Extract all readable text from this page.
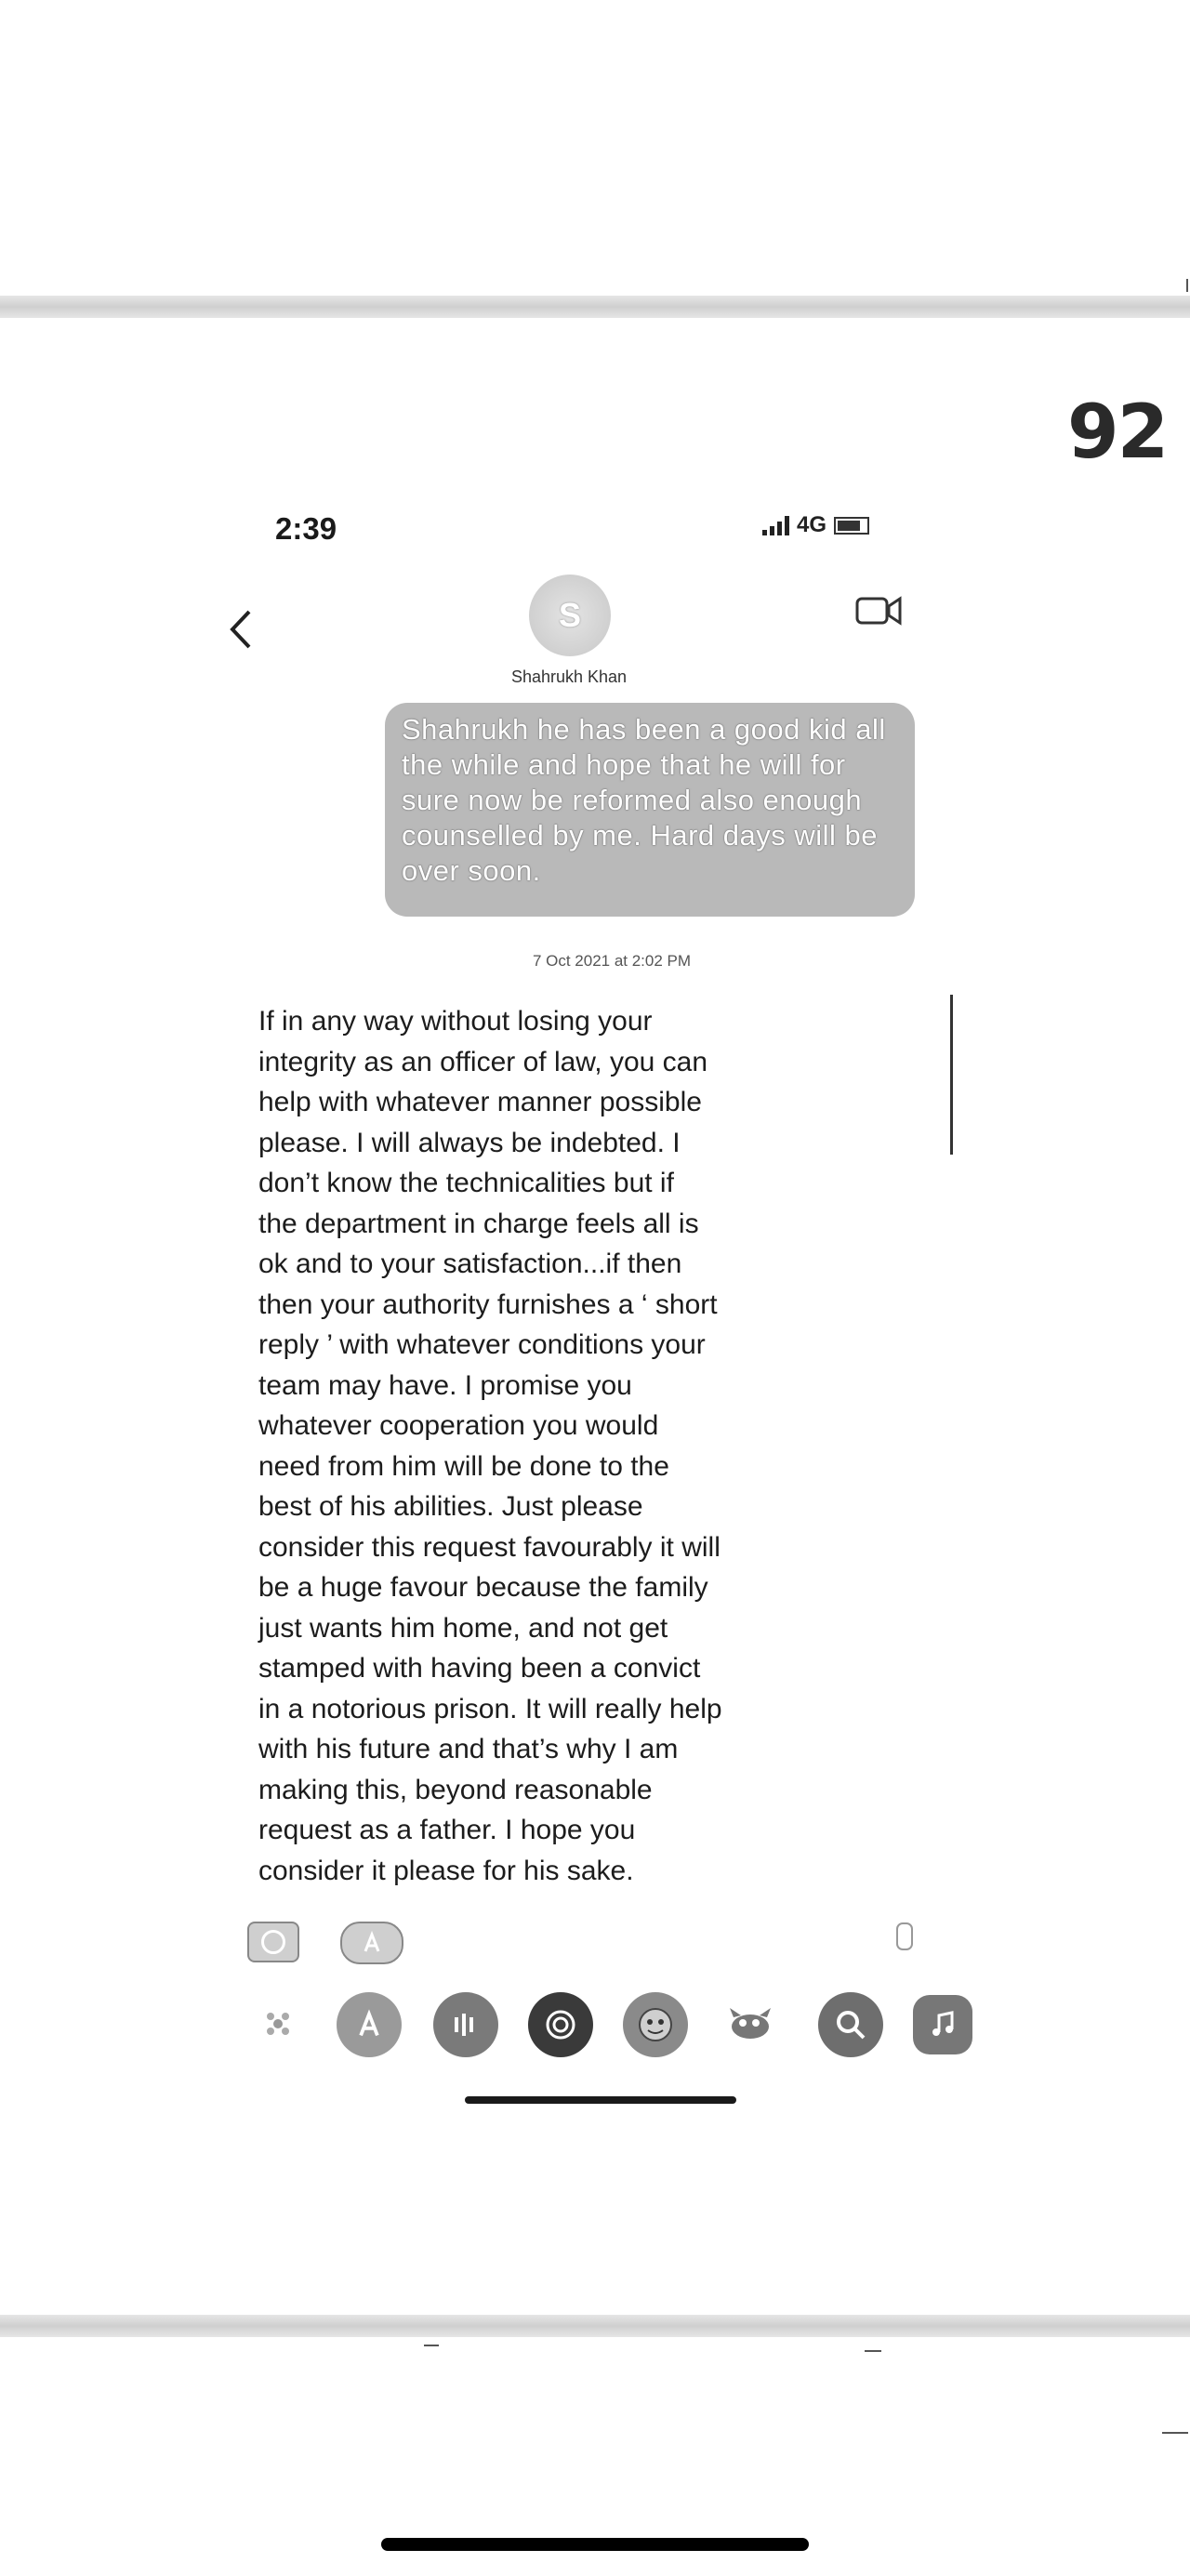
92
2:39	4G
S
Shahrukh Khan
Shahrukh he has been a good kid all
the while and hope that he will for
sure now be reformed also enough
counselled by me. Hard days will be
over soon.
7 Oct 2021 at 2:02 PM
If in any way without losing your
integrity as an officer of law, you can
help with whatever manner possible
please. I will always be indebted. I
don’t know the technicalities but if
the department in charge feels all is
ok and to your satisfaction...if then
then your authority furnishes a ‘ short
reply ’ with whatever conditions your
team may have. I promise you
whatever cooperation you would
need from him will be done to the
best of his abilities. Just please
consider this request favourably it will
be a huge favour because the family
just wants him home, and not get
stamped with having been a convict
in a notorious prison. It will really help
with his future and that’s why I am
making this, beyond reasonable
request as a father. I hope you
consider it please for his sake.
